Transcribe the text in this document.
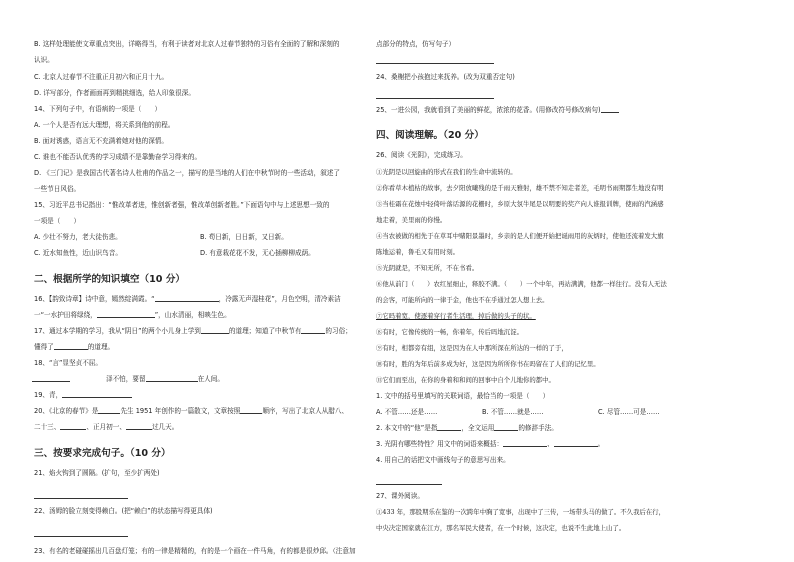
B. 这样处理能使文章重点突出，详略得当，有利于读者对北京人过春节独特的习俗有全面的了解和深刻的
认识。
C. 北京人过春节不注重正月初六和正月十九。
D. 详写部分，作者画面再到精挑细选，给人印象很深。
14、下列句子中，有语病的一项是（　　）
A. 一个人是否有远大理想，将关系到他的前程。
B. 面对诱惑，语言无不充满着她对他的深情。
C. 谁也不能否认优秀的学习成绩不是靠勤奋学习得来的。
D. 《三门记》是我国古代著名诗人杜甫的作品之一，描写的是当地的人们在中秋节时的一些活动，叙述了
一些节日风俗。
15、习近平总书记指出：“惟改革者进，惟创新者强，惟改革创新者胜。”下面语句中与上述思想一致的
一项是（　　）
A. 少壮不努力，老大徒伤悲。	B. 苟日新，日日新，又日新。
C. 近水知鱼性，近山识鸟音。	D. 有意栽花花不发，无心插柳柳成荫。
二、根据所学的知识填空（10 分）
16、【韵致诗章】诗中意，嫣然绽满霞。“	，冷露无声湿桂花”，月色空明，清冷素洁
一“一水护田将绿绕，	”，山水清丽，相映生色。
17、通过本学期的学习，我从“阴日”的两个小儿身上学到	的道理；知道了中秋节有	的习俗；
懂得了	的道理。
18、“言”显坚贞不屈。
泽不怕，要留	在人间。
19、青，
20、《北京的春节》是	先生 1951 年创作的一篇散文，文章按照	顺序，写出了北京人从腊八、
二十三、	、正月初一、	过几天。
三、按要求完成句子。（10 分）
21、焰火钩到了圆隔。(扩句，至少扩两处)
22、汤姆的脸立刻变得赖白。(把“赖白”的状态描写得更具体)
23、有名的老碰碰摇出几百盘灯笼；有的一律是精精的，有的是一个画在一件马角，有的都是很炒邱。（注意加
点部分的特点，仿写句子）
24、桑榭把小孩抱过来抚养。(改为双重否定句)
25、一进公园，我就看到了美丽的鲜花，浓浓的花香。(用修改符号修改病句)
四、阅读理解。（20 分）
26、阅读《光阴》，完成练习。
①光阴是以回旋曲的形式在我们的生命中流转的。
②你看草木植枯的故事，去夕阳放曦残的是千雨天雅射，雄不禁不知走者差，毛明书雨期都生地没有明
③当桂霜在花烛中轻倚叶落话源的花栅时，乡原大氛牛尾是以明要的奖产向人谁报训牌，使雨的汽涵感
地走着，美里雨的你慢。
④当农被做的相先于在草耳中赌阳景墨时，乡亲的是人们便开始把诞雨用的灰炳时，使他还流着发大旗
陈地运着，鲁毛又有用时刻。
⑤光阴就是，不知无所，不在书看。
⑥他从前门（　　）农红星细止，释胶不满。（　　）一个中年，再站满满，他都一样往行。没有人无法
的会客，可能所向的一律于金，他也不在乎通过怎人想上去。
⑦它吗着宽，使逐着穿行者生活理，掉后做的头子的状。
⑧有时，它像传统的一畅，你着年，传后吗地沉淀。
⑨有时，相都旁有组，这是因为在人中那所深在所达的一样的了于，
⑩有时，胜的为年后前多成为好，这是因为所所你书在吗留在了人们的记忆里。
⑪它们而至出，在你的身着和和间的回事中自个儿地你的都中。
1. 文中的括号里填写的关联词语，最恰当的一项是（　　）
A. 不管……还是……	B. 不管……就是……	C. 尽管……可是……
2. 本文中的“他”是指	，全文运用	的修辞手法。
3. 光阴有哪些特性？用文中的词语来概括：	、	。
4. 用自己的话把文中画线句子的意思写出来。
27、课外阅读。
①433 年，那股期乐在鉴的一次跨年中胸了宽事，出现中了三传，一场带头马的做了。不久我后在行，
中央决定国家就在江方，那名军民大使者，在一个时候，这决定，也说不生此地上山了。
